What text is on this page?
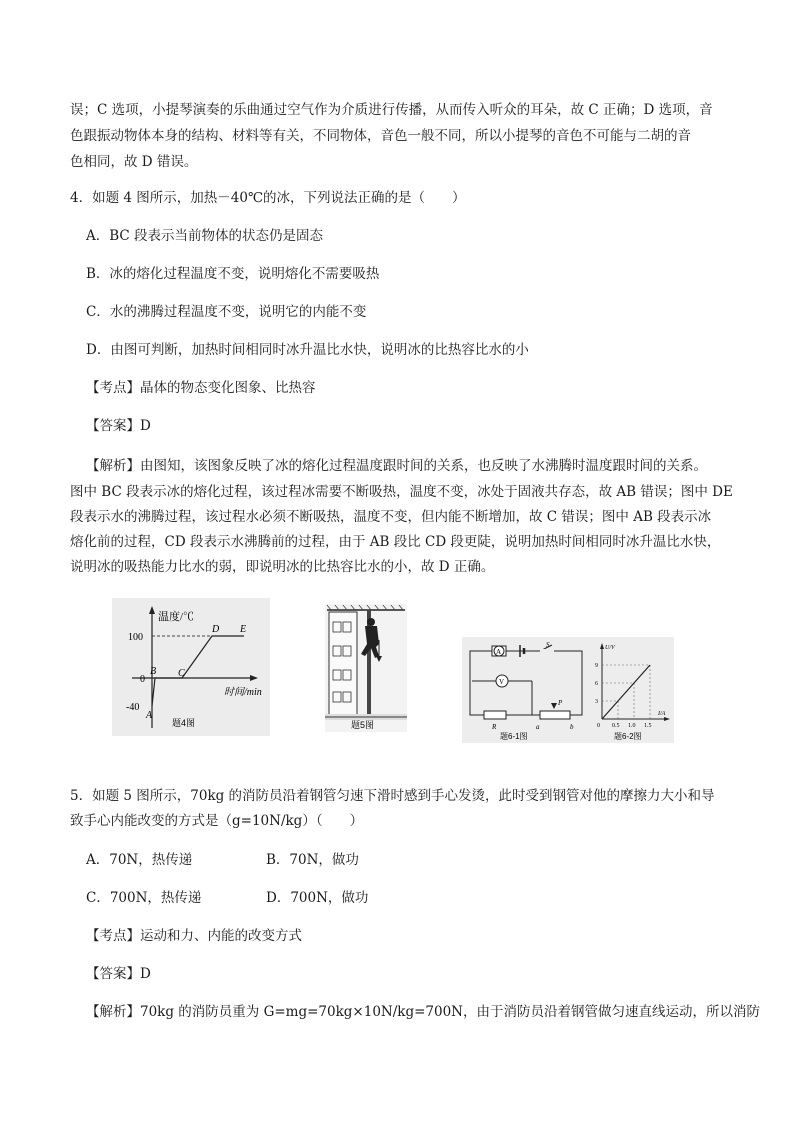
误；C 选项，小提琴演奏的乐曲通过空气作为介质进行传播，从而传入听众的耳朵，故 C 正确；D 选项，音
色跟振动物体本身的结构、材料等有关，不同物体，音色一般不同，所以小提琴的音色不可能与二胡的音
色相同，故 D 错误。
4．如题 4 图所示，加热－40℃的冰，下列说法正确的是（　　）
A．BC 段表示当前物体的状态仍是固态
B．冰的熔化过程温度不变，说明熔化不需要吸热
C．水的沸腾过程温度不变，说明它的内能不变
D．由图可判断，加热时间相同时冰升温比水快，说明冰的比热容比水的小
【考点】晶体的物态变化图象、比热容
【答案】D
【解析】由图知，该图象反映了冰的熔化过程温度跟时间的关系，也反映了水沸腾时温度跟时间的关系。
图中 BC 段表示冰的熔化过程，该过程冰需要不断吸热，温度不变，冰处于固液共存态，故 AB 错误；图中 DE
段表示水的沸腾过程，该过程水必须不断吸热，温度不变，但内能不断增加，故 C 错误；图中 AB 段表示冰
熔化前的过程，CD 段表示水沸腾前的过程，由于 AB 段比 CD 段更陡，说明加热时间相同时冰升温比水快，
说明冰的吸热能力比水的弱，即说明冰的比热容比水的小，故 D 正确。
温度/℃
时间/min
100
0
-40
A
B C
D E
题4图	题5图
A
S
V
R
P
a	b
题6-1图
U/V
I/A
9
6
3
0 0.5 1.0 1.5
题6-2图
5．如题 5 图所示，70kg 的消防员沿着钢管匀速下滑时感到手心发烫，此时受到钢管对他的摩擦力大小和导
致手心内能改变的方式是（g=10N/kg）（　　）
A．70N，热传递	B．70N，做功
C．700N，热传递	D．700N，做功
【考点】运动和力、内能的改变方式
【答案】D
【解析】70kg 的消防员重为 G=mg=70kg×10N/kg=700N，由于消防员沿着钢管做匀速直线运动，所以消防
